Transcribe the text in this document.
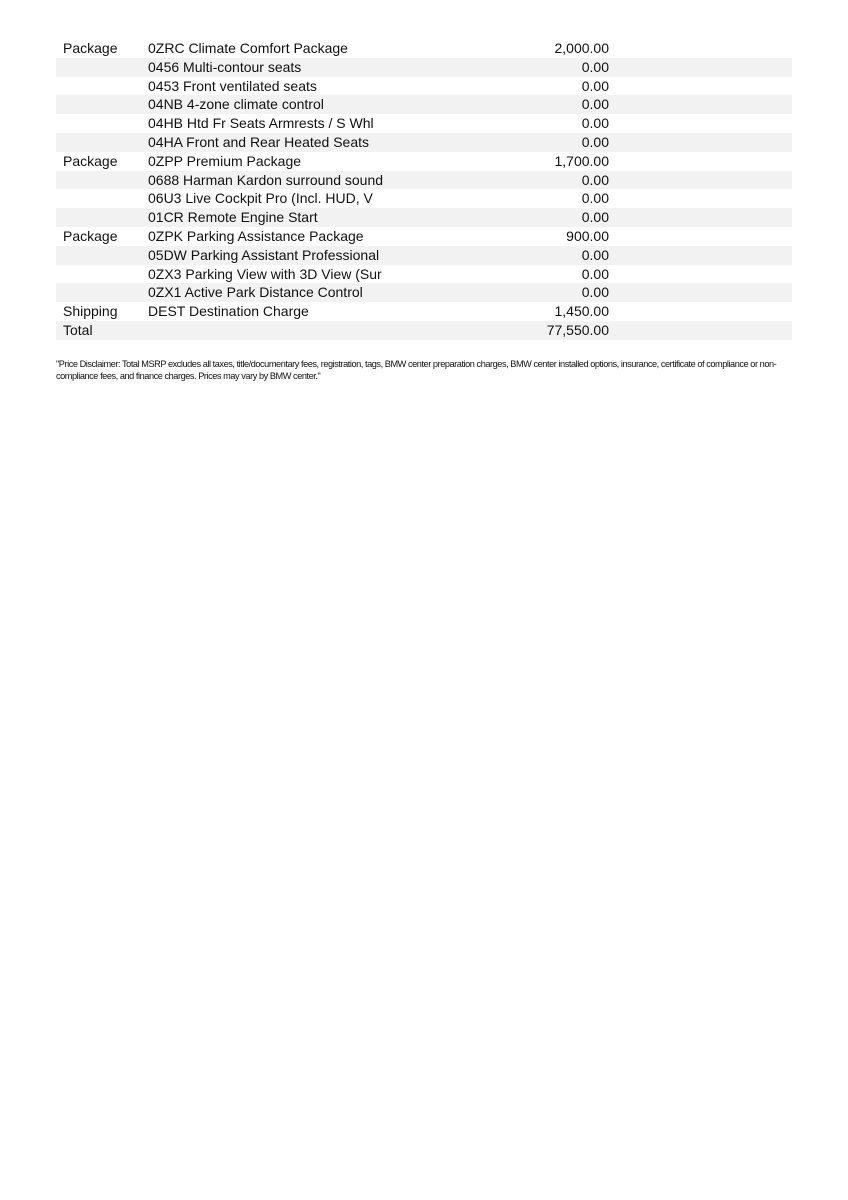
Package 0ZRC Climate Comfort Package	2,000.00
0456 Multi-contour seats	0.00
0453 Front ventilated seats	0.00
04NB 4-zone climate control	0.00
04HB Htd Fr Seats Armrests / S Whl	0.00
04HA Front and Rear Heated Seats	0.00
Package 0ZPP Premium Package	1,700.00
0688 Harman Kardon surround sound	0.00
06U3 Live Cockpit Pro (Incl. HUD, V	0.00
01CR Remote Engine Start	0.00
Package 0ZPK Parking Assistance Package	900.00
05DW Parking Assistant Professional	0.00
0ZX3 Parking View with 3D View (Sur	0.00
0ZX1 Active Park Distance Control	0.00
Shipping DEST Destination Charge	1,450.00
Total	77,550.00

"Price Disclaimer: Total MSRP excludes all taxes, title/documentary fees, registration, tags, BMW center preparation charges, BMW center installed options, insurance, certificate of compliance or non-compliance fees, and finance charges. Prices may vary by BMW center."
